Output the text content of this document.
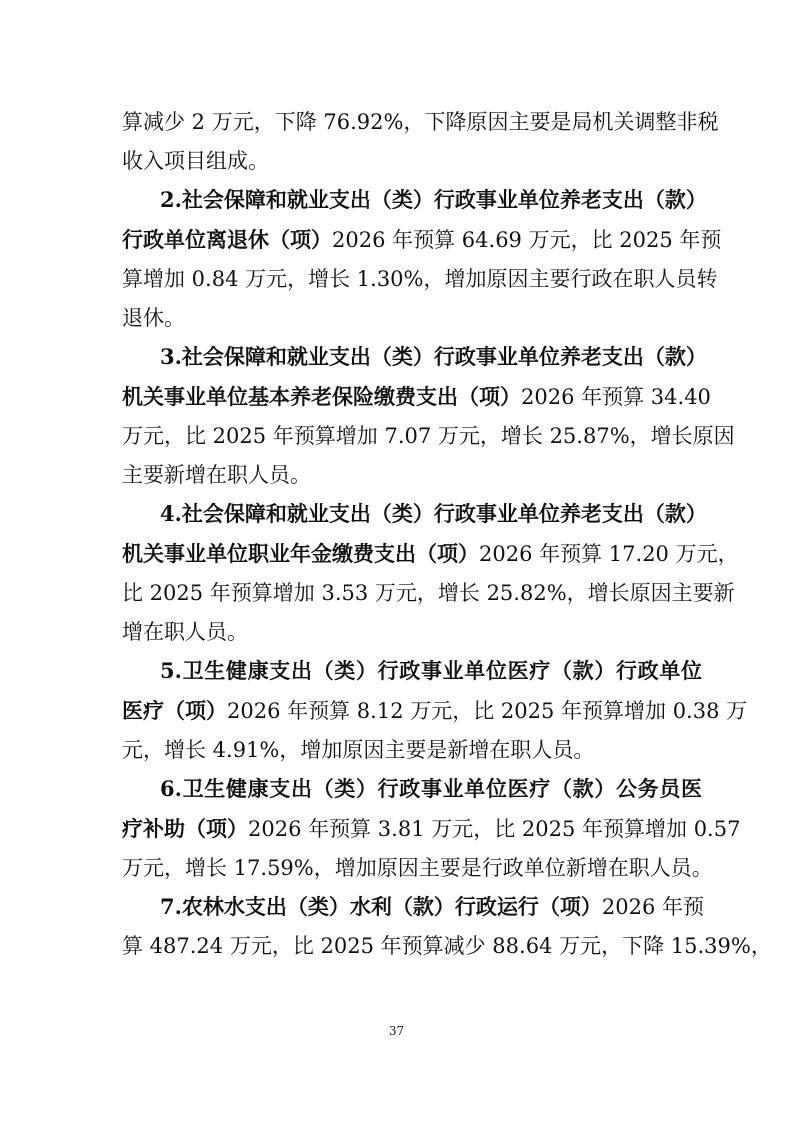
算减少 2 万元，下降 76.92%，下降原因主要是局机关调整非税
收入项目组成。
2.社会保障和就业支出（类）行政事业单位养老支出（款）
行政单位离退休（项）2026 年预算 64.69 万元，比 2025 年预
算增加 0.84 万元，增长 1.30%，增加原因主要行政在职人员转
退休。
3.社会保障和就业支出（类）行政事业单位养老支出（款）
机关事业单位基本养老保险缴费支出（项）2026 年预算 34.40
万元，比 2025 年预算增加 7.07 万元，增长 25.87%，增长原因
主要新增在职人员。
4.社会保障和就业支出（类）行政事业单位养老支出（款）
机关事业单位职业年金缴费支出（项）2026 年预算 17.20 万元，
比 2025 年预算增加 3.53 万元，增长 25.82%，增长原因主要新
增在职人员。
5.卫生健康支出（类）行政事业单位医疗（款）行政单位
医疗（项）2026 年预算 8.12 万元，比 2025 年预算增加 0.38 万
元，增长 4.91%，增加原因主要是新增在职人员。
6.卫生健康支出（类）行政事业单位医疗（款）公务员医
疗补助（项）2026 年预算 3.81 万元，比 2025 年预算增加 0.57
万元，增长 17.59%，增加原因主要是行政单位新增在职人员。
7.农林水支出（类）水利（款）行政运行（项）2026 年预
算 487.24 万元，比 2025 年预算减少 88.64 万元，下降 15.39%，
37
